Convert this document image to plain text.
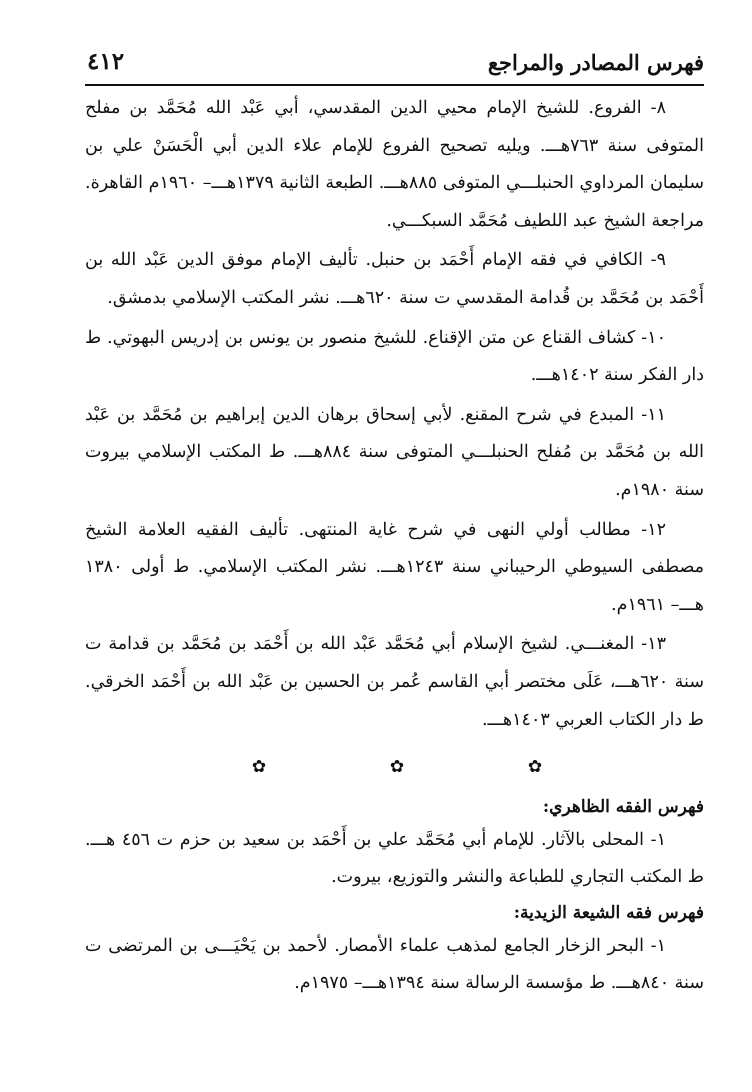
فهرس المصادر والمراجع
٤١٢

٨- الفروع. للشيخ الإمام محيي الدين المقدسي، أبي عَبْد الله مُحَمَّد بن مفلح المتوفى سنة ٧٦٣هـــ. ويليه تصحيح الفروع للإمام علاء الدين أبي الْحَسَنْ علي بن سليمان المرداوي الحنبلـــي المتوفى ٨٨٥هـــ. الطبعة الثانية ١٣٧٩هـــ– ١٩٦٠م القاهرة. مراجعة الشيخ عبد اللطيف مُحَمَّد السبكـــي.

٩- الكافي في فقه الإمام أَحْمَد بن حنبل. تأليف الإمام موفق الدين عَبْد الله بن أَحْمَد بن مُحَمَّد بن قُدامة المقدسي ت سنة ٦٢٠هـــ. نشر المكتب الإسلامي بدمشق.

١٠- كشاف القناع عن متن الإقناع. للشيخ منصور بن يونس بن إدريس البهوتي. ط دار الفكر سنة ١٤٠٢هـــ.

١١- المبدع في شرح المقنع. لأبي إسحاق برهان الدين إبراهيم بن مُحَمَّد بن عَبْد الله بن مُحَمَّد بن مُفلح الحنبلـــي المتوفى سنة ٨٨٤هـــ. ط المكتب الإسلامي بيروت سنة ١٩٨٠م.

١٢- مطالب أولي النهى في شرح غاية المنتهى. تأليف الفقيه العلامة الشيخ مصطفى السيوطي الرحيباني سنة ١٢٤٣هـــ. نشر المكتب الإسلامي. ط أولى ١٣٨٠ هـــ– ١٩٦١م.

١٣- المغنـــي. لشيخ الإسلام أبي مُحَمَّد عَبْد الله بن أَحْمَد بن مُحَمَّد بن قدامة ت سنة ٦٢٠هـــ، عَلَى مختصر أبي القاسم عُمر بن الحسين بن عَبْد الله بن أَحْمَد الخرقي. ط دار الكتاب العربي ١٤٠٣هـــ.

✿	✿	✿

فهرس الفقه الظاهري:

١- المحلى بالآثار. للإمام أبي مُحَمَّد علي بن أَحْمَد بن سعيد بن حزم ت ٤٥٦ هـــ. ط المكتب التجاري للطباعة والنشر والتوزيع، بيروت.

فهرس فقه الشيعة الزيدية:

١- البحر الزخار الجامع لمذهب علماء الأمصار. لأحمد بن يَحْيَـــى بن المرتضى ت سنة ٨٤٠هـــ. ط مؤسسة الرسالة سنة ١٣٩٤هـــ– ١٩٧٥م.
